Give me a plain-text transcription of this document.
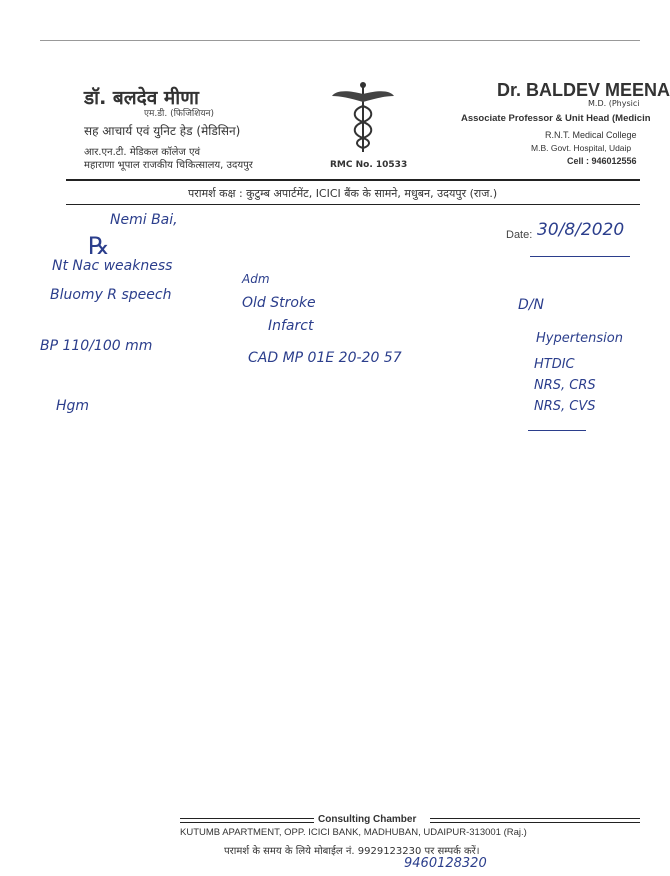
डॉ. बलदेव मीणा
एम.डी. (फिजिशियन)
सह आचार्य एवं युनिट हेड (मेडिसिन)
आर.एन.टी. मेडिकल कॉलेज एवं
महाराणा भूपाल राजकीय चिकित्सालय, उदयपुर	RMC No. 10533
Dr. BALDEV MEENA
M.D. (Physici
Associate Professor & Unit Head (Medicin
R.N.T. Medical College
M.B. Govt. Hospital, Udaip
Cell : 946012556
परामर्श कक्ष : कुटुम्ब अपार्टमेंट, ICICI बैंक के सामने, मधुबन, उदयपुर (राज.)
Date: 30/8/2020
Nemi Bai,
℞
Nt Nac weakness
Bluomy R speech
BP 110/100 mm
Hgm
Adm
Old Stroke
Infarct
CAD MP 01E 20-20 57
D/N
Hypertension
HTDIC
NRS, CRS
NRS, CVS
Consulting Chamber
KUTUMB APARTMENT, OPP. ICICI BANK, MADHUBAN, UDAIPUR-313001 (Raj.)
परामर्श के समय के लिये मोबाईल नं. 9929123230 पर सम्पर्क करें।
9460128320
